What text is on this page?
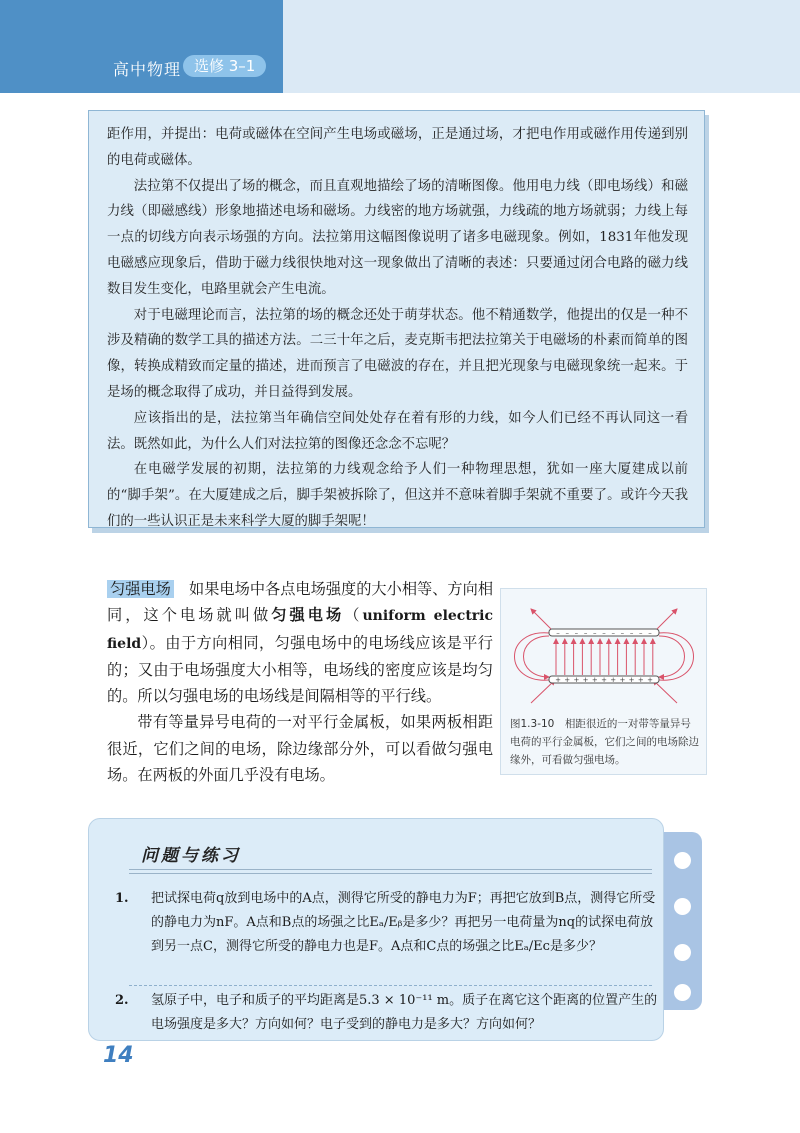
高中物理 选修 3–1

距作用，并提出：电荷或磁体在空间产生电场或磁场，正是通过场，才把电作用或磁作用传递到别的电荷或磁体。

法拉第不仅提出了场的概念，而且直观地描绘了场的清晰图像。他用电力线（即电场线）和磁力线（即磁感线）形象地描述电场和磁场。力线密的地方场就强，力线疏的地方场就弱；力线上每一点的切线方向表示场强的方向。法拉第用这幅图像说明了诸多电磁现象。例如，1831年他发现电磁感应现象后，借助于磁力线很快地对这一现象做出了清晰的表述：只要通过闭合电路的磁力线数目发生变化，电路里就会产生电流。

对于电磁理论而言，法拉第的场的概念还处于萌芽状态。他不精通数学，他提出的仅是一种不涉及精确的数学工具的描述方法。二三十年之后，麦克斯韦把法拉第关于电磁场的朴素而简单的图像，转换成精致而定量的描述，进而预言了电磁波的存在，并且把光现象与电磁现象统一起来。于是场的概念取得了成功，并日益得到发展。

应该指出的是，法拉第当年确信空间处处存在着有形的力线，如今人们已经不再认同这一看法。既然如此，为什么人们对法拉第的图像还念念不忘呢？

在电磁学发展的初期，法拉第的力线观念给予人们一种物理思想，犹如一座大厦建成以前的“脚手架”。在大厦建成之后，脚手架被拆除了，但这并不意味着脚手架就不重要了。或许今天我们的一些认识正是未来科学大厦的脚手架呢！

匀强电场　 如果电场中各点电场强度的大小相等、方向相同，这个电场就叫做匀强电场（uniform electric field）。由于方向相同，匀强电场中的电场线应该是平行的；又由于电场强度大小相等，电场线的密度应该是均匀的。所以匀强电场的电场线是间隔相等的平行线。

带有等量异号电荷的一对平行金属板，如果两板相距很近，它们之间的电场，除边缘部分外，可以看做匀强电场。在两板的外面几乎没有电场。

–
+
–
+
–
+
–
+
–
+
–
+
–
+
–
+
–
+
–
+
–
+
图1.3-10　相距很近的一对带等量异号电荷的平行金属板，它们之间的电场除边缘外，可看做匀强电场。
问题与练习
1. 把试探电荷q放到电场中的A点，测得它所受的静电力为F；再把它放到B点，测得它所受的静电力为nF。A点和B点的场强之比Eₐ/Eᵦ是多少？再把另一电荷量为nq的试探电荷放到另一点C，测得它所受的静电力也是F。A点和C点的场强之比Eₐ/Eᴄ是多少？
2. 氢原子中，电子和质子的平均距离是5.3 × 10⁻¹¹ m。质子在离它这个距离的位置产生的电场强度是多大？方向如何？电子受到的静电力是多大？方向如何？
14
